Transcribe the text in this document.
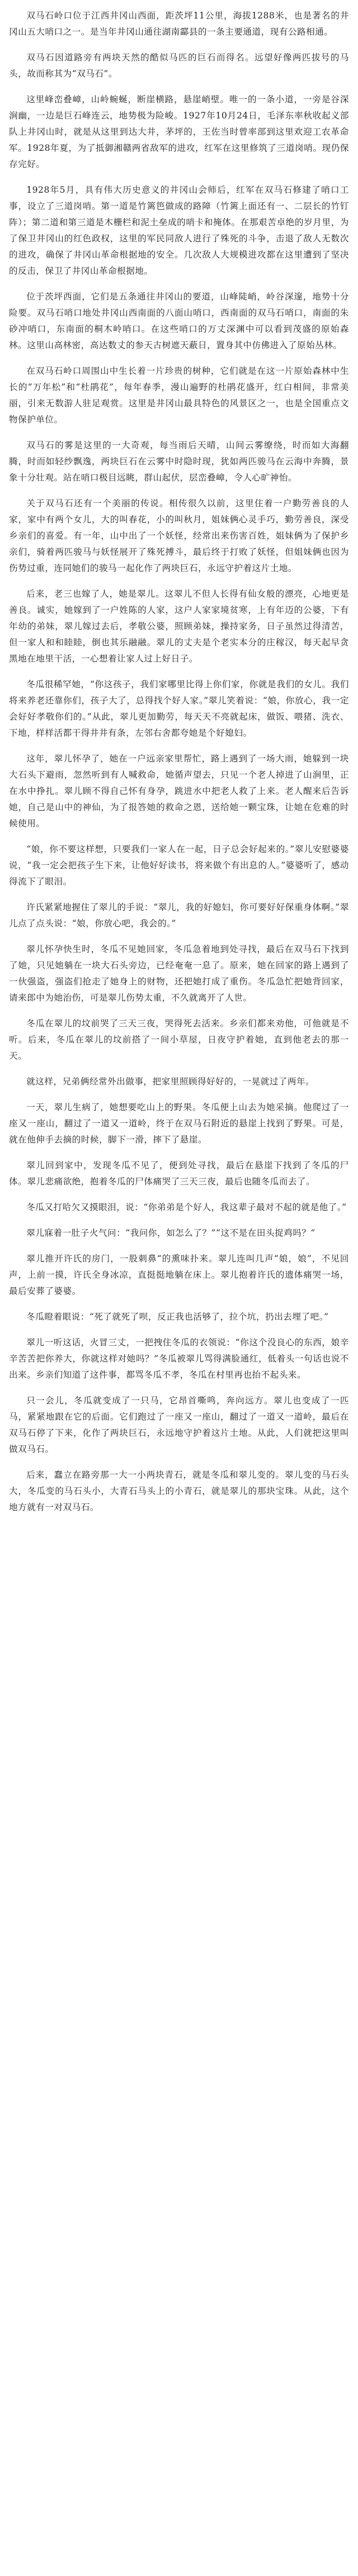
双马石岭口位于江西井冈山西面，距茨坪11公里，海拔1288米，也是著名的井冈山五大哨口之一。是当年井冈山通往湖南酃县的一条主要通道，现有公路相通。

双马石因道路旁有两块天然的酷似马匹的巨石而得名。远望好像两匹拔号的马头，故而称其为“双马石”。

这里峰峦叠嶂，山岭蜿蜒，断崖横路，悬崖峭壁。唯一的一条小道，一旁是谷深涧幽，一边是巨石峰连云，地势极为险峻。1927年10月24日，毛泽东率秋收起义部队上井冈山时，就是从这里到达大井，茅坪的，王佐当时曾率部到这里欢迎工农革命军。1928年夏，为了抵御湘赣两省敌军的进攻，红军在这里修筑了三道岗哨。现仍保存完好。

1928年5月，具有伟大历史意义的井冈山会师后，红军在双马石修建了哨口工事，设立了三道岗哨。第一道是竹篱笆做成的路障（竹篱上面还有一、二层长的竹钉阵）；第二道和第三道是木栅栏和泥土垒成的哨卡和掩体。在那艰苦卓绝的岁月里，为了保卫井冈山的红色政权，这里的军民同敌人进行了殊死的斗争，击退了敌人无数次的进攻，确保了井冈山革命根据地的安全。几次敌人大规模进攻都在这里遭到了坚决的反击，保卫了井冈山革命根据地。

位于茨坪西面，它们是五条通往井冈山的要道，山峰陡峭，岭谷深邃，地势十分险要。双马石哨口地处井冈山西南面的八面山哨口，西南面的双马石哨口，南面的朱砂冲哨口，东南面的桐木岭哨口。在这些哨口的万丈深渊中可以看到茂盛的原始森林。这里山高林密，高达数丈的参天古树遮天蔽日，置身其中仿佛进入了原始丛林。

在双马石岭口周围山中生长着一片珍贵的树种，它们就是在这一片原始森林中生长的“万年松”和“杜鹃花”，每年春季，漫山遍野的杜鹃花盛开，红白相间，非常美丽，引来无数游人驻足观赏。这里是井冈山最具特色的风景区之一，也是全国重点文物保护单位。

双马石的雾是这里的一大奇观，每当雨后天晴，山间云雾缭绕，时而如大海翻腾，时而如轻纱飘逸，两块巨石在云雾中时隐时现，犹如两匹骏马在云海中奔腾，景象十分壮观。站在哨口极目远眺，群山起伏，层峦叠嶂，令人心旷神怡。

关于双马石还有一个美丽的传说。相传很久以前，这里住着一户勤劳善良的人家，家中有两个女儿，大的叫春花，小的叫秋月，姐妹俩心灵手巧，勤劳善良，深受乡亲们的喜爱。有一年，山中出了一个妖怪，经常出来伤害百姓，姐妹俩为了保护乡亲们，骑着两匹骏马与妖怪展开了殊死搏斗，最后终于打败了妖怪，但姐妹俩也因为伤势过重，连同她们的骏马一起化作了两块巨石，永远守护着这片土地。

后来，老三也嫁了人，她是翠儿。这翠儿不但人长得有仙女般的漂亮，心地更是善良。诚实，她嫁到了一户姓陈的人家，这户人家家境贫寒，上有年迈的公婆，下有年幼的弟妹，翠儿嫁过去后，孝敬公婆，照顾弟妹，操持家务，日子虽然过得清苦，但一家人和和睦睦，倒也其乐融融。翠儿的丈夫是个老实本分的庄稼汉，每天起早贪黑地在地里干活，一心想着让家人过上好日子。

冬瓜很稀罕她，“你这孩子，我们家哪里比得上你们家，你就是我们的女儿。我们将来养老还靠你们，孩子大了，总得找个好人家。”翠儿笑着说：“娘，你放心，我一定会好好孝敬你们的。”从此，翠儿更加勤劳，每天天不亮就起床，做饭、喂猪、洗衣、下地，样样活都干得井井有条，左邻右舍都夸她是个好媳妇。

这年，翠儿怀孕了，她在一户远亲家里帮忙，路上遇到了一场大雨，她躲到一块大石头下避雨，忽然听到有人喊救命，她循声望去，只见一个老人掉进了山涧里，正在水中挣扎。翠儿顾不得自己怀有身孕，跳进水中把老人救了上来。老人醒来后告诉她，自己是山中的神仙，为了报答她的救命之恩，送给她一颗宝珠，让她在危难的时候使用。

“娘，你不要这样想，只要我们一家人在一起，日子总会好起来的。”翠儿安慰婆婆说，“我一定会把孩子生下来，让他好好读书，将来做个有出息的人。”婆婆听了，感动得流下了眼泪。

许氏紧紧地握住了翠儿的手说：“翠儿，我的好媳妇，你可要好好保重身体啊。”翠儿点了点头说：“娘，你放心吧，我会的。”

翠儿怀孕快生时，冬瓜不见她回家，冬瓜急着地到处寻找，最后在双马石下找到了她，只见她躺在一块大石头旁边，已经奄奄一息了。原来，她在回家的路上遇到了一伙强盗，强盗们抢走了她身上的财物，还把她打成了重伤。冬瓜急忙把她背回家，请来郎中为她治伤，可是翠儿伤势太重，不久就离开了人世。

冬瓜在翠儿的坟前哭了三天三夜，哭得死去活来。乡亲们都来劝他，可他就是不听。后来，冬瓜在翠儿的坟前搭了一间小草屋，日夜守护着她，直到他老去的那一天。

就这样，兄弟俩经常外出做事，把家里照顾得好好的，一晃就过了两年。

一天，翠儿生病了，她想要吃山上的野果。冬瓜便上山去为她采摘。他爬过了一座又一座山，翻过了一道又一道岭，终于在双马石附近的悬崖上找到了野果。可是，就在他伸手去摘的时候，脚下一滑，摔下了悬崖。

翠儿回到家中，发现冬瓜不见了，便到处寻找，最后在悬崖下找到了冬瓜的尸体。翠儿悲痛欲绝，抱着冬瓜的尸体痛哭了三天三夜，最后也随冬瓜而去了。

冬瓜又打哈欠又摸眼泪，说：“你弟弟是个好人，我这辈子最对不起的就是他了。”

翠儿寐着一肚子火气问：“我问你，如怎么了？”“这不是在田头捉鸡吗？”

翠儿推开许氏的房门，一股刺鼻“的熏味扑来。翠儿连叫几声“娘，娘”，不见回声，上前一摸，许氏全身冰凉，直挺挺地躺在床上。翠儿抱着许氏的遗体痛哭一场，最后安葬了婆婆。

冬瓜瞪着眼说：“死了就死了呗，反正我也活够了，拉个坑，扔出去埋了吧。”

翠儿一听这话，火冒三丈，一把拽住冬瓜的衣领说：“你这个没良心的东西，娘辛辛苦苦把你养大，你就这样对她吗？”冬瓜被翠儿骂得满脸通红，低着头一句话也说不出来。乡亲们知道了这件事，都骂冬瓜不孝，冬瓜在村里再也抬不起头来。

只一会儿，冬瓜就变成了一只马，它昂首嘶鸣，奔向远方。翠儿也变成了一匹马，紧紧地跟在它的后面。它们跑过了一座又一座山，翻过了一道又一道岭，最后在双马石停了下来，化作了两块巨石，永远地守护着这片土地。从此，人们就把这里叫做双马石。

后来，蠢立在路旁那一大一小两块青石，就是冬瓜和翠儿变的。翠儿变的马石头大，冬瓜变的马石头小，大青石马头上的小青石，就是翠儿的那块宝珠。从此，这个地方就有一对双马石。
